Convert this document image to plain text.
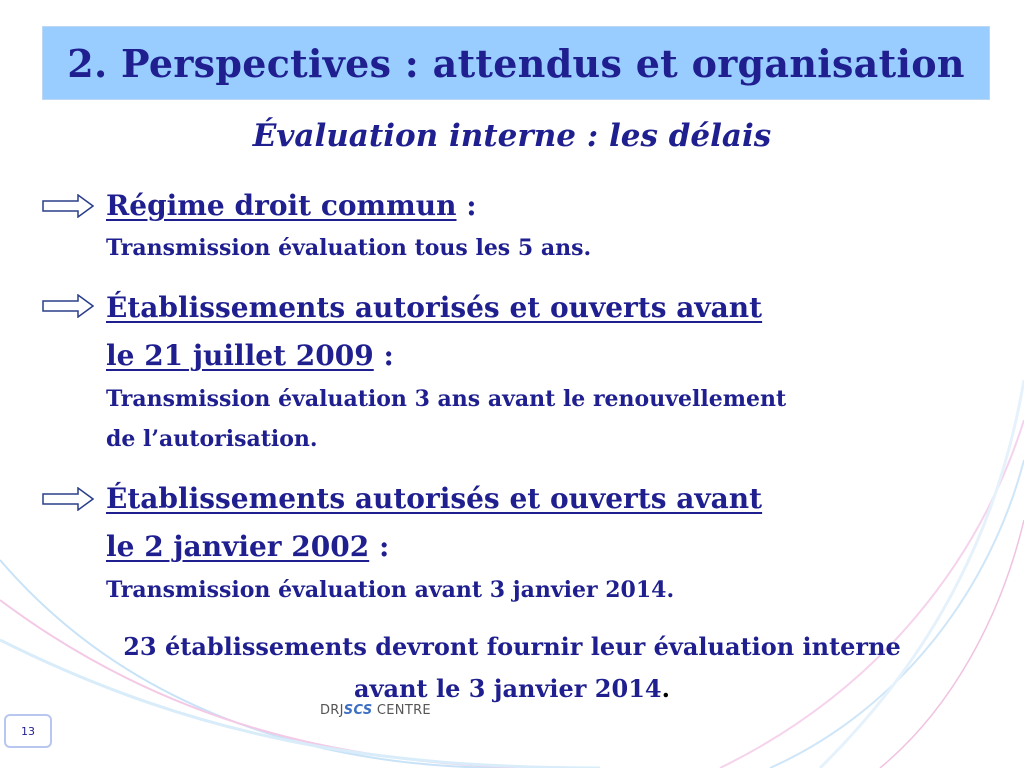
2. Perspectives : attendus et organisation
Évaluation interne : les délais
Régime droit commun :
Transmission évaluation tous les 5 ans.
Établissements autorisés et ouverts avant
le 21 juillet 2009 :
Transmission évaluation 3 ans avant le renouvellement
de l’autorisation.
Établissements autorisés et ouverts avant
le 2 janvier 2002 :
Transmission évaluation avant 3 janvier 2014.
23 établissements devront fournir leur évaluation interne
avant le 3 janvier 2014.
DRJSCS CENTRE
13
